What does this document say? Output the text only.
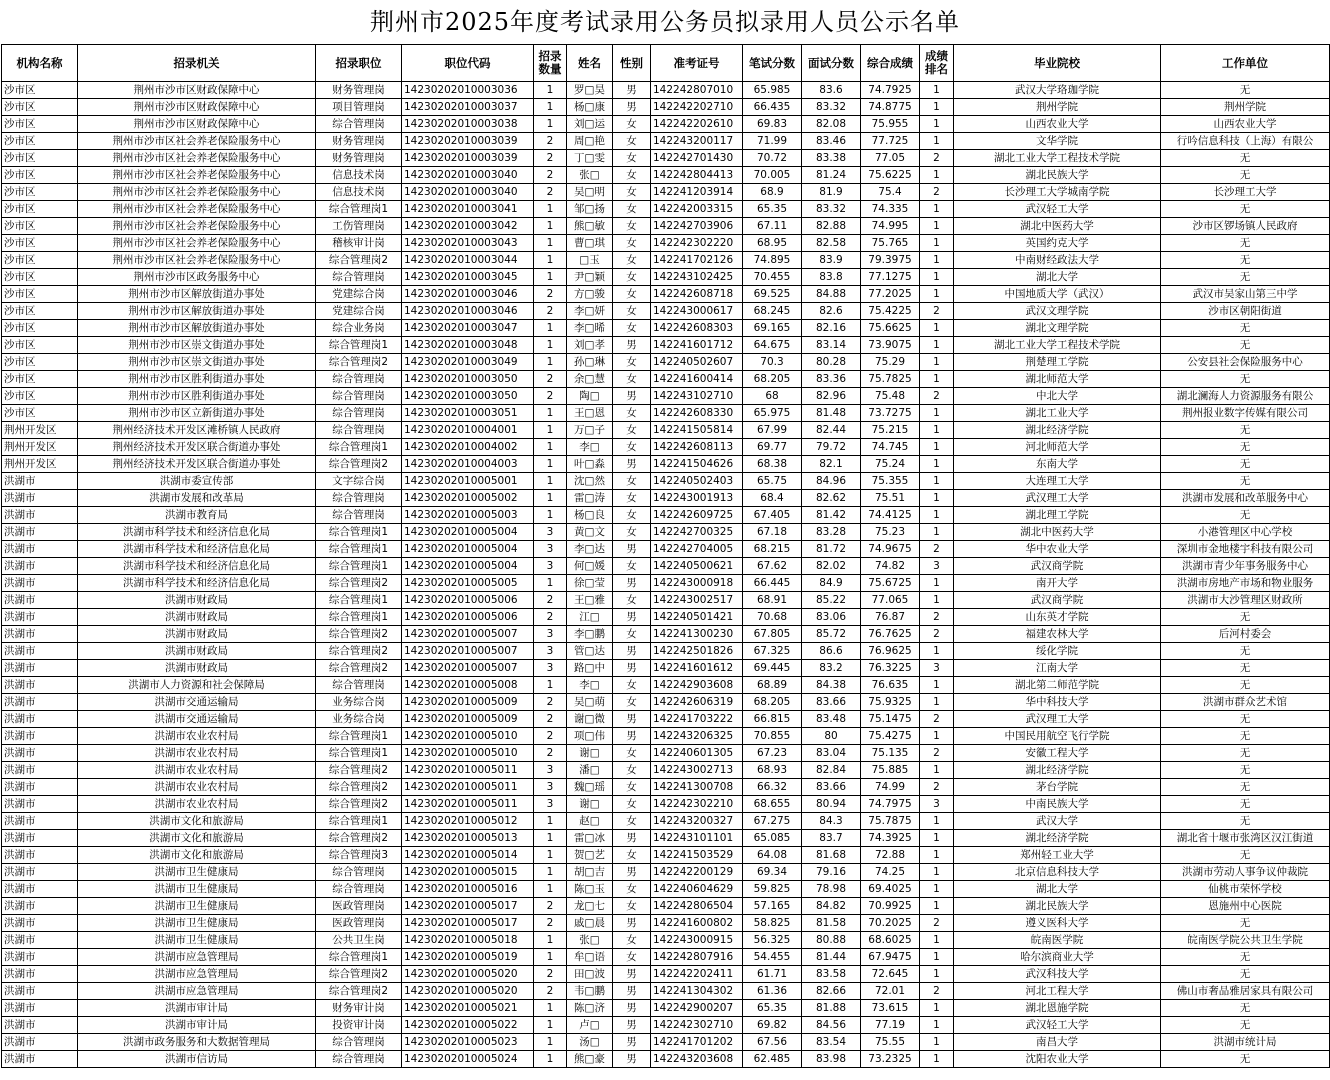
荆州市2025年度考试录用公务员拟录用人员公示名单
机构名称	招录机关	招录职位	职位代码	招录数量	姓名	性别	准考证号	笔试分数	面试分数	综合成绩	成绩排名	毕业院校	工作单位
沙市区	荆州市沙市区财政保障中心	财务管理岗	14230202010003036	1	罗□昊	男	142242807010	65.985	83.6	74.7925	1	武汉大学珞珈学院	无
沙市区	荆州市沙市区财政保障中心	项目管理岗	14230202010003037	1	杨□康	男	142242202710	66.435	83.32	74.8775	1	荆州学院	荆州学院
沙市区	荆州市沙市区财政保障中心	综合管理岗	14230202010003038	1	刘□运	女	142242202610	69.83	82.08	75.955	1	山西农业大学	山西农业大学
沙市区	荆州市沙市区社会养老保险服务中心	财务管理岗	14230202010003039	2	周□艳	女	142243200117	71.99	83.46	77.725	1	文华学院	行吟信息科技（上海）有限公
沙市区	荆州市沙市区社会养老保险服务中心	财务管理岗	14230202010003039	2	丁□雯	女	142242701430	70.72	83.38	77.05	2	湖北工业大学工程技术学院	无
沙市区	荆州市沙市区社会养老保险服务中心	信息技术岗	14230202010003040	2	张□	女	142242804413	70.005	81.24	75.6225	1	湖北民族大学	无
沙市区	荆州市沙市区社会养老保险服务中心	信息技术岗	14230202010003040	2	吴□明	女	142241203914	68.9	81.9	75.4	2	长沙理工大学城南学院	长沙理工大学
沙市区	荆州市沙市区社会养老保险服务中心	综合管理岗1	14230202010003041	1	邹□扬	女	142242003315	65.35	83.32	74.335	1	武汉轻工大学	无
沙市区	荆州市沙市区社会养老保险服务中心	工伤管理岗	14230202010003042	1	熊□敏	女	142242703906	67.11	82.88	74.995	1	湖北中医药大学	沙市区锣场镇人民政府
沙市区	荆州市沙市区社会养老保险服务中心	稽核审计岗	14230202010003043	1	曹□琪	女	142242302220	68.95	82.58	75.765	1	英国约克大学	无
沙市区	荆州市沙市区社会养老保险服务中心	综合管理岗2	14230202010003044	1	□玉	女	142241702126	74.895	83.9	79.3975	1	中南财经政法大学	无
沙市区	荆州市沙市区政务服务中心	综合管理岗	14230202010003045	1	尹□颖	女	142243102425	70.455	83.8	77.1275	1	湖北大学	无
沙市区	荆州市沙市区解放街道办事处	党建综合岗	14230202010003046	2	方□骏	女	142242608718	69.525	84.88	77.2025	1	中国地质大学（武汉）	武汉市吴家山第三中学
沙市区	荆州市沙市区解放街道办事处	党建综合岗	14230202010003046	2	李□妍	女	142243000617	68.245	82.6	75.4225	2	武汉文理学院	沙市区朝阳街道
沙市区	荆州市沙市区解放街道办事处	综合业务岗	14230202010003047	1	李□晞	女	142242608303	69.165	82.16	75.6625	1	湖北文理学院	无
沙市区	荆州市沙市区崇文街道办事处	综合管理岗1	14230202010003048	1	刘□孝	男	142241601712	64.675	83.14	73.9075	1	湖北工业大学工程技术学院	无
沙市区	荆州市沙市区崇文街道办事处	综合管理岗2	14230202010003049	1	孙□琳	女	142240502607	70.3	80.28	75.29	1	荆楚理工学院	公安县社会保险服务中心
沙市区	荆州市沙市区胜利街道办事处	综合管理岗	14230202010003050	2	余□慧	女	142241600414	68.205	83.36	75.7825	1	湖北师范大学	无
沙市区	荆州市沙市区胜利街道办事处	综合管理岗	14230202010003050	2	陶□	男	142243102710	68	82.96	75.48	2	中北大学	湖北澜海人力资源服务有限公
沙市区	荆州市沙市区立新街道办事处	综合管理岗	14230202010003051	1	王□恩	女	142242608330	65.975	81.48	73.7275	1	湖北工业大学	荆州报业数字传媒有限公司
荆州开发区	荆州经济技术开发区滩桥镇人民政府	综合管理岗	14230202010004001	1	万□子	女	142241505814	67.99	82.44	75.215	1	湖北经济学院	无
荆州开发区	荆州经济技术开发区联合街道办事处	综合管理岗1	14230202010004002	1	李□	女	142242608113	69.77	79.72	74.745	1	河北师范大学	无
荆州开发区	荆州经济技术开发区联合街道办事处	综合管理岗2	14230202010004003	1	叶□淼	男	142241504626	68.38	82.1	75.24	1	东南大学	无
洪湖市	洪湖市委宣传部	文字综合岗	14230202010005001	1	沈□然	女	142240502403	65.75	84.96	75.355	1	大连理工大学	无
洪湖市	洪湖市发展和改革局	综合管理岗	14230202010005002	1	雷□涛	女	142243001913	68.4	82.62	75.51	1	武汉理工大学	洪湖市发展和改革服务中心
洪湖市	洪湖市教育局	综合管理岗	14230202010005003	1	杨□良	女	142242609725	67.405	81.42	74.4125	1	湖北理工学院	无
洪湖市	洪湖市科学技术和经济信息化局	综合管理岗1	14230202010005004	3	黄□文	女	142242700325	67.18	83.28	75.23	1	湖北中医药大学	小港管理区中心学校
洪湖市	洪湖市科学技术和经济信息化局	综合管理岗1	14230202010005004	3	李□达	男	142242704005	68.215	81.72	74.9675	2	华中农业大学	深圳市金地楼宇科技有限公司
洪湖市	洪湖市科学技术和经济信息化局	综合管理岗1	14230202010005004	3	何□媛	女	142240500621	67.62	82.02	74.82	3	武汉商学院	洪湖市青少年事务服务中心
洪湖市	洪湖市科学技术和经济信息化局	综合管理岗2	14230202010005005	1	徐□莹	男	142243000918	66.445	84.9	75.6725	1	南开大学	洪湖市房地产市场和物业服务
洪湖市	洪湖市财政局	综合管理岗1	14230202010005006	2	王□雅	女	142243002517	68.91	85.22	77.065	1	武汉商学院	洪湖市大沙管理区财政所
洪湖市	洪湖市财政局	综合管理岗1	14230202010005006	2	江□	男	142240501421	70.68	83.06	76.87	2	山东英才学院	无
洪湖市	洪湖市财政局	综合管理岗2	14230202010005007	3	李□鹏	女	142241300230	67.805	85.72	76.7625	2	福建农林大学	后河村委会
洪湖市	洪湖市财政局	综合管理岗2	14230202010005007	3	管□达	男	142242501826	67.325	86.6	76.9625	1	绥化学院	无
洪湖市	洪湖市财政局	综合管理岗2	14230202010005007	3	路□中	男	142241601612	69.445	83.2	76.3225	3	江南大学	无
洪湖市	洪湖市人力资源和社会保障局	综合管理岗	14230202010005008	1	李□	女	142242903608	68.89	84.38	76.635	1	湖北第二师范学院	无
洪湖市	洪湖市交通运输局	业务综合岗	14230202010005009	2	吴□萌	女	142242606319	68.205	83.66	75.9325	1	华中科技大学	洪湖市群众艺术馆
洪湖市	洪湖市交通运输局	业务综合岗	14230202010005009	2	谢□微	男	142241703222	66.815	83.48	75.1475	2	武汉理工大学	无
洪湖市	洪湖市农业农村局	综合管理岗1	14230202010005010	2	项□伟	男	142243206325	70.855	80	75.4275	1	中国民用航空飞行学院	无
洪湖市	洪湖市农业农村局	综合管理岗1	14230202010005010	2	谢□	女	142240601305	67.23	83.04	75.135	2	安徽工程大学	无
洪湖市	洪湖市农业农村局	综合管理岗2	14230202010005011	3	潘□	女	142243002713	68.93	82.84	75.885	1	湖北经济学院	无
洪湖市	洪湖市农业农村局	综合管理岗2	14230202010005011	3	魏□瑶	女	142241300708	66.32	83.66	74.99	2	茅台学院	无
洪湖市	洪湖市农业农村局	综合管理岗2	14230202010005011	3	谢□	女	142242302210	68.655	80.94	74.7975	3	中南民族大学	无
洪湖市	洪湖市文化和旅游局	综合管理岗1	14230202010005012	1	赵□	女	142243200327	67.275	84.3	75.7875	1	武汉大学	无
洪湖市	洪湖市文化和旅游局	综合管理岗2	14230202010005013	1	雷□冰	男	142243101101	65.085	83.7	74.3925	1	湖北经济学院	湖北省十堰市张湾区汉江街道
洪湖市	洪湖市文化和旅游局	综合管理岗3	14230202010005014	1	贺□艺	女	142241503529	64.08	81.68	72.88	1	郑州轻工业大学	无
洪湖市	洪湖市卫生健康局	综合管理岗	14230202010005015	1	胡□吉	男	142242200129	69.34	79.16	74.25	1	北京信息科技大学	洪湖市劳动人事争议仲裁院
洪湖市	洪湖市卫生健康局	综合管理岗	14230202010005016	1	陈□玉	女	142240604629	59.825	78.98	69.4025	1	湖北大学	仙桃市荣怀学校
洪湖市	洪湖市卫生健康局	医政管理岗	14230202010005017	2	龙□七	女	142242806504	57.165	84.82	70.9925	1	湖北民族大学	恩施州中心医院
洪湖市	洪湖市卫生健康局	医政管理岗	14230202010005017	2	戚□晨	男	142241600802	58.825	81.58	70.2025	2	遵义医科大学	无
洪湖市	洪湖市卫生健康局	公共卫生岗	14230202010005018	1	张□	女	142243000915	56.325	80.88	68.6025	1	皖南医学院	皖南医学院公共卫生学院
洪湖市	洪湖市应急管理局	综合管理岗1	14230202010005019	1	牟□语	女	142242807916	54.455	81.44	67.9475	1	哈尔滨商业大学	无
洪湖市	洪湖市应急管理局	综合管理岗2	14230202010005020	2	田□波	男	142242202411	61.71	83.58	72.645	1	武汉科技大学	无
洪湖市	洪湖市应急管理局	综合管理岗2	14230202010005020	2	韦□鹏	男	142241304302	61.36	82.66	72.01	2	河北工程大学	佛山市奢品雅居家具有限公司
洪湖市	洪湖市审计局	财务审计岗	14230202010005021	1	陈□济	男	142242900207	65.35	81.88	73.615	1	湖北恩施学院	无
洪湖市	洪湖市审计局	投资审计岗	14230202010005022	1	卢□	男	142242302710	69.82	84.56	77.19	1	武汉轻工大学	无
洪湖市	洪湖市政务服务和大数据管理局	综合管理岗	14230202010005023	1	汤□	男	142241701202	67.56	83.54	75.55	1	南昌大学	洪湖市统计局
洪湖市	洪湖市信访局	综合管理岗	14230202010005024	1	熊□豪	男	142243203608	62.485	83.98	73.2325	1	沈阳农业大学	无
